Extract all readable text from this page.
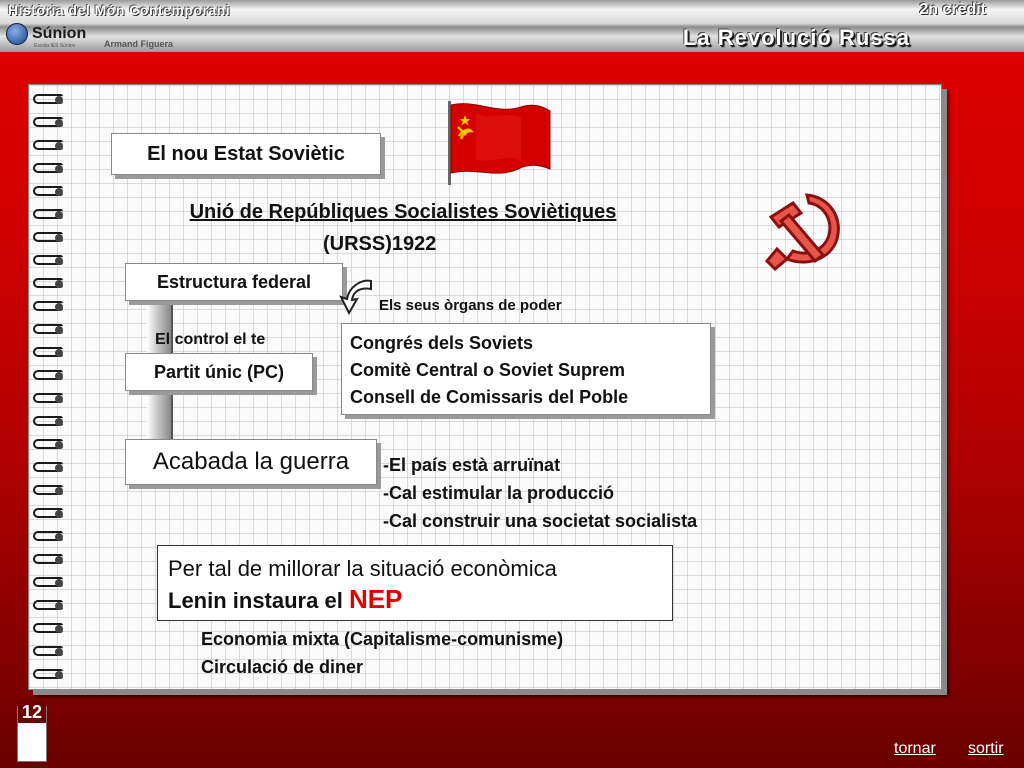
Història del Món Contemporani	2n crèdit
Súnion
Escola IES Súnion	Armand Figuera	La Revolució Russa
El nou Estat Soviètic
Unió de Repúbliques Socialistes Soviètiques
(URSS)1922
Estructura federal
Els seus òrgans de poder
El control el te
Partit únic (PC)
Congrés dels Soviets
Comitè Central o Soviet Suprem
Consell de Comissaris del Poble
Acabada la guerra	-El país està arruïnat
-Cal estimular la producció
-Cal construir una societat socialista
Per tal de millorar la situació econòmica
Lenin instaura el NEP
Economia mixta (Capitalisme-comunisme)
Circulació de diner
12
tornar sortir
